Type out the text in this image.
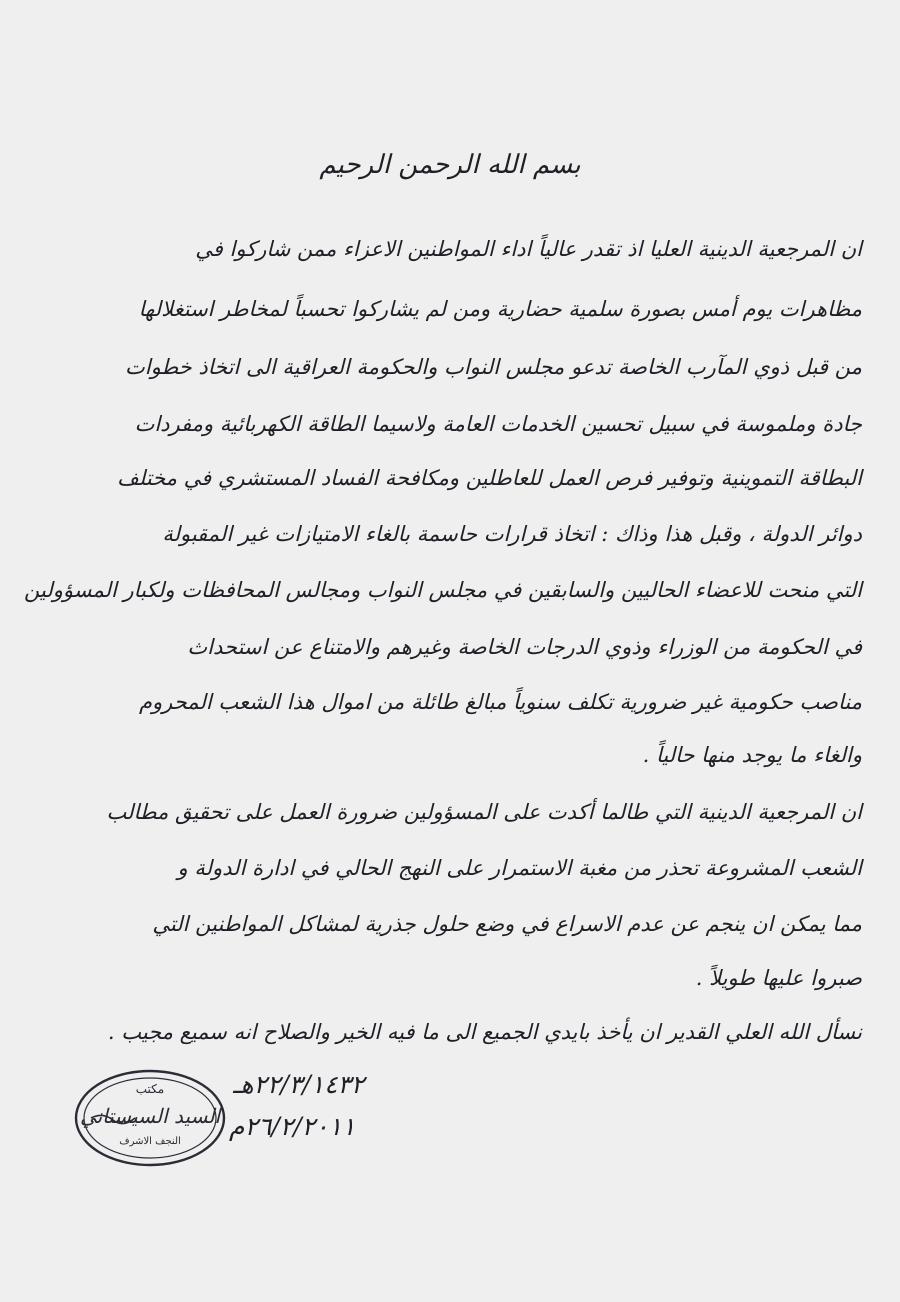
بسم الله الرحمن الرحيم
ان المرجعية الدينية العليا اذ تقدر عالياً اداء المواطنين الاعزاء ممن شاركوا في
مظاهرات يوم أمس بصورة سلمية حضارية ومن لم يشاركوا تحسباً لمخاطر استغلالها
من قبل ذوي المآرب الخاصة تدعو مجلس النواب والحكومة العراقية الى اتخاذ خطوات
جادة وملموسة في سبيل تحسين الخدمات العامة ولاسيما الطاقة الكهربائية ومفردات
البطاقة التموينية وتوفير فرص العمل للعاطلين ومكافحة الفساد المستشري في مختلف
دوائر الدولة ، وقبل هذا وذاك : اتخاذ قرارات حاسمة بالغاء الامتيازات غير المقبولة
التي منحت للاعضاء الحاليين والسابقين في مجلس النواب ومجالس المحافظات ولكبار المسؤولين
في الحكومة من الوزراء وذوي الدرجات الخاصة وغيرهم والامتناع عن استحداث
مناصب حكومية غير ضرورية تكلف سنوياً مبالغ طائلة من اموال هذا الشعب المحروم
والغاء ما يوجد منها حالياً .
ان المرجعية الدينية التي طالما أكدت على المسؤولين ضرورة العمل على تحقيق مطالب
الشعب المشروعة تحذر من مغبة الاستمرار على النهج الحالي في ادارة الدولة و
مما يمكن ان ينجم عن عدم الاسراع في وضع حلول جذرية لمشاكل المواطنين التي
صبروا عليها طويلاً .
نسأل الله العلي القدير ان يأخذ بايدي الجميع الى ما فيه الخير والصلاح انه سميع مجيب .
مكتب
السيد السيستاني
النجف الاشرف
٢٢/٣/١٤٣٢هـ
٢٦/٢/٢٠١١م
